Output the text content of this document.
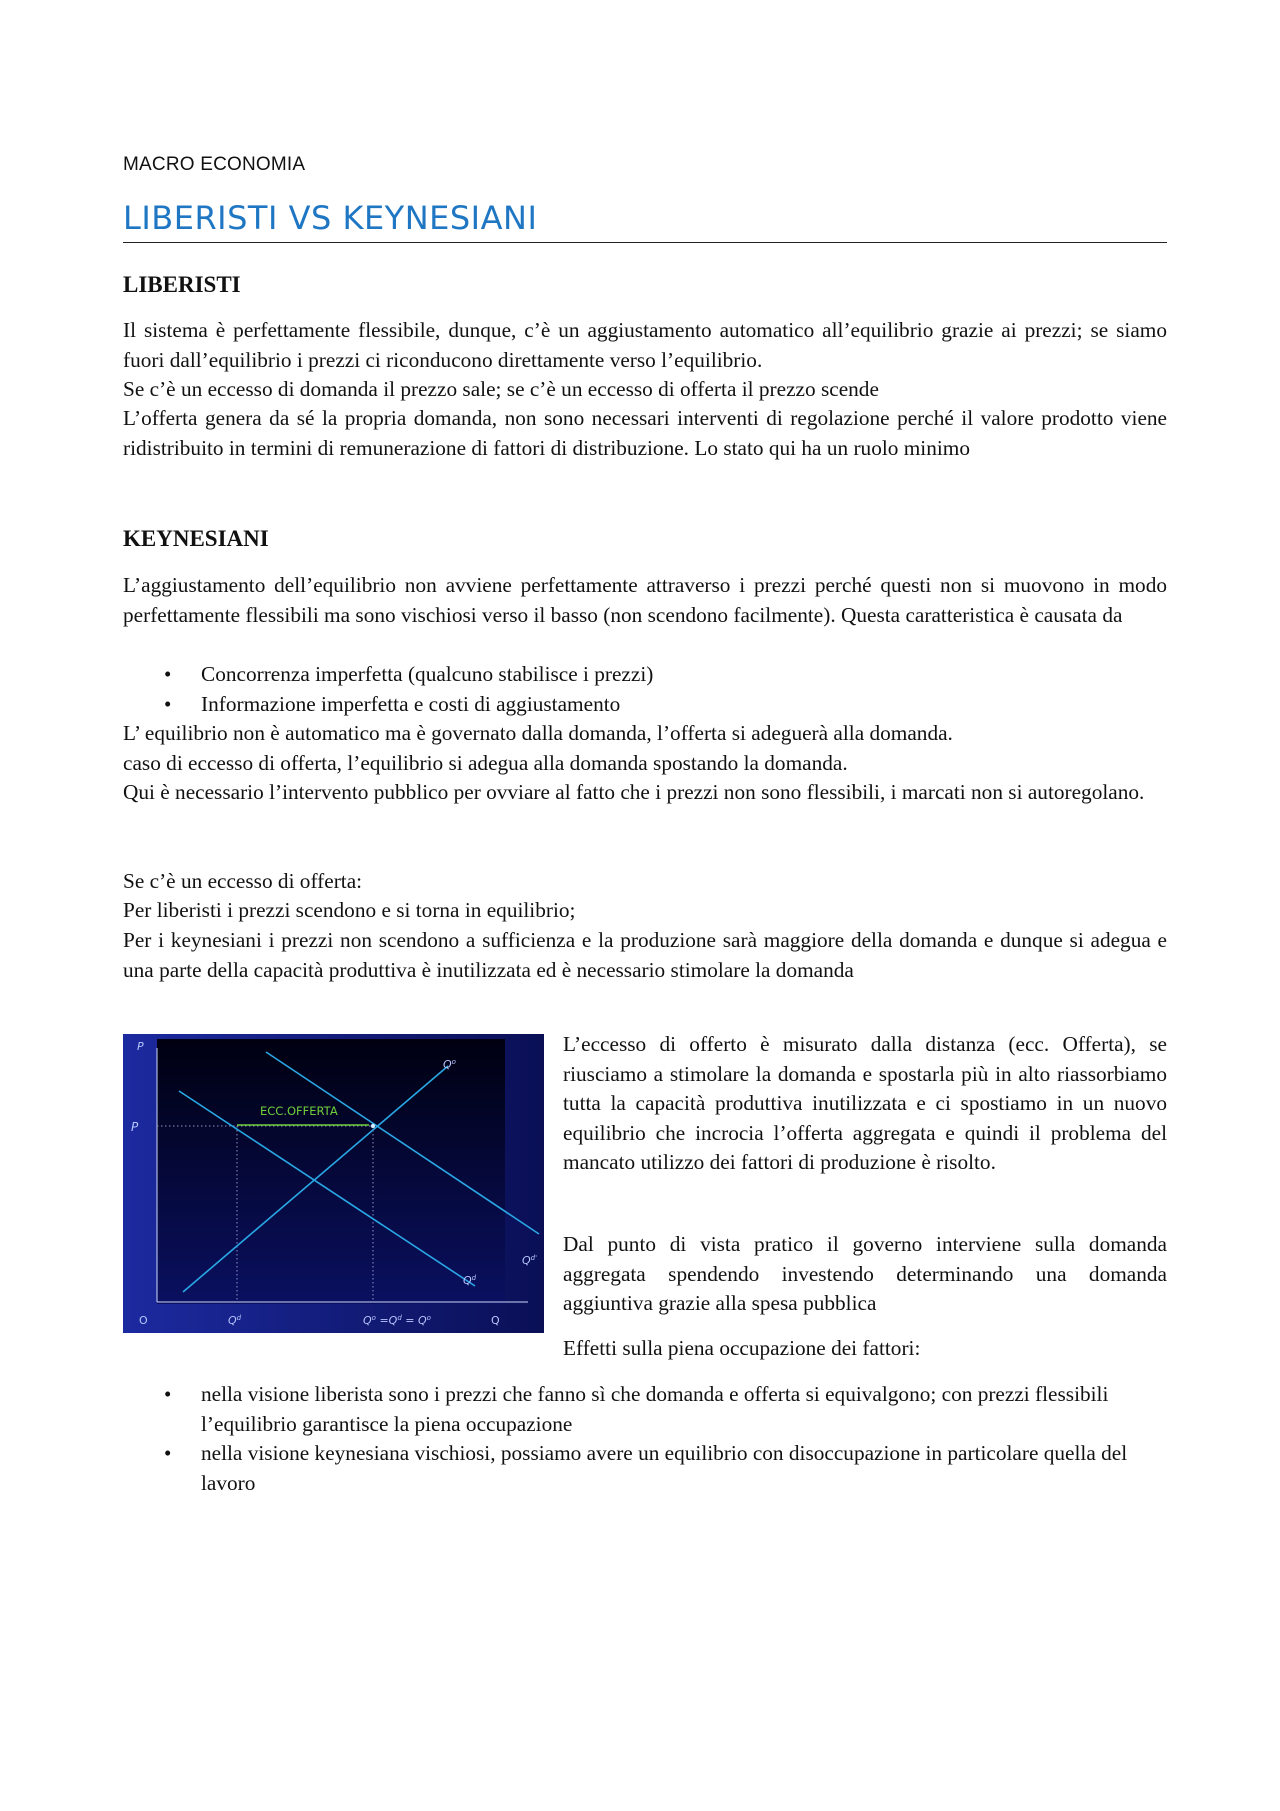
MACRO ECONOMIA
LIBERISTI VS KEYNESIANI
LIBERISTI
Il sistema è perfettamente flessibile, dunque, c’è un aggiustamento automatico all’equilibrio grazie ai prezzi; se siamo fuori dall’equilibrio i prezzi ci riconducono direttamente verso l’equilibrio.
Se c’è un eccesso di domanda il prezzo sale; se c’è un eccesso di offerta il prezzo scende
L’offerta genera da sé la propria domanda, non sono necessari interventi di regolazione perché il valore prodotto viene ridistribuito in termini di remunerazione di fattori di distribuzione. Lo stato qui ha un ruolo minimo
KEYNESIANI
L’aggiustamento dell’equilibrio non avviene perfettamente attraverso i prezzi perché questi non si muovono in modo perfettamente flessibili ma sono vischiosi verso il basso (non scendono facilmente). Questa caratteristica è causata da
• Concorrenza imperfetta (qualcuno stabilisce i prezzi)
• Informazione imperfetta e costi di aggiustamento
L’ equilibrio non è automatico ma è governato dalla domanda, l’offerta si adeguerà alla domanda.
caso di eccesso di offerta, l’equilibrio si adegua alla domanda spostando la domanda.
Qui è necessario l’intervento pubblico per ovviare al fatto che i prezzi non sono flessibili, i marcati non si autoregolano.
Se c’è un eccesso di offerta:
Per liberisti i prezzi scendono e si torna in equilibrio;
Per i keynesiani i prezzi non scendono a sufficienza e la produzione sarà maggiore della domanda e dunque si adegua e una parte della capacità produttiva è inutilizzata ed è necessario stimolare la domanda
P
P
O	Q
ECC.OFFERTA
$Q^o$
$Q^d$
$Q^{d'}$
$Q^d$	$Q^o =Q^d = Q^o$
L’eccesso di offerto è misurato dalla distanza (ecc. Offerta), se riusciamo a stimolare la domanda e spostarla più in alto riassorbiamo tutta la capacità produttiva inutilizzata e ci spostiamo in un nuovo equilibrio che incrocia l’offerta aggregata e quindi il problema del mancato utilizzo dei fattori di produzione è risolto.
Dal punto di vista pratico il governo interviene sulla domanda aggregata spendendo investendo determinando una domanda aggiuntiva grazie alla spesa pubblica
Effetti sulla piena occupazione dei fattori:
• nella visione liberista sono i prezzi che fanno sì che domanda e offerta si equivalgono; con prezzi flessibili l’equilibrio garantisce la piena occupazione
• nella visione keynesiana vischiosi, possiamo avere un equilibrio con disoccupazione in particolare quella del lavoro
